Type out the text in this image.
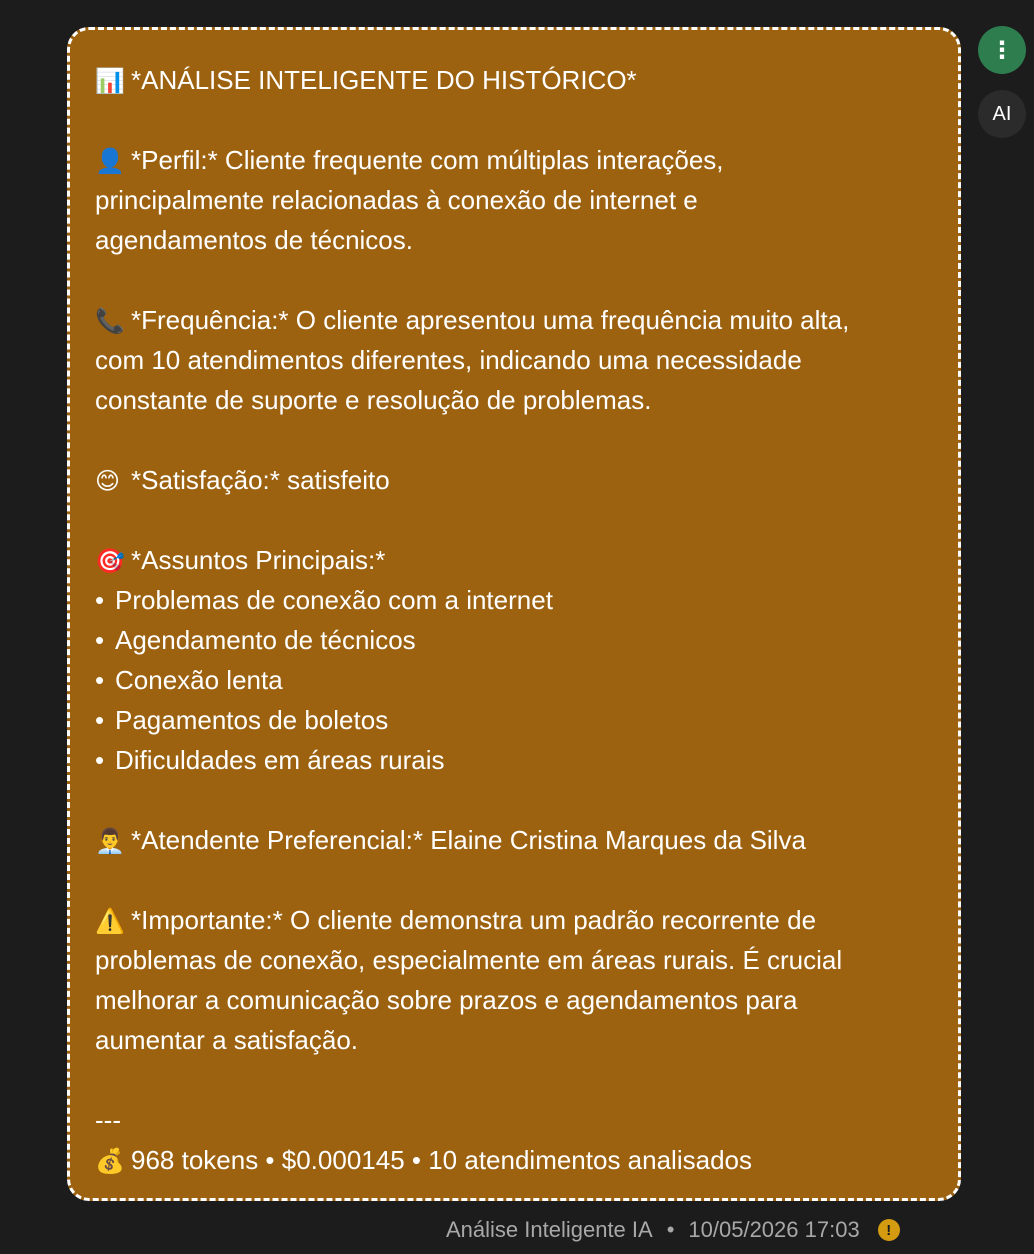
📊 *ANÁLISE INTELIGENTE DO HISTÓRICO*
👤 *Perfil:* Cliente frequente com múltiplas interações,
principalmente relacionadas à conexão de internet e
agendamentos de técnicos.
📞 *Frequência:* O cliente apresentou uma frequência muito alta,
com 10 atendimentos diferentes, indicando uma necessidade
constante de suporte e resolução de problemas.
😊 *Satisfação:* satisfeito
🎯 *Assuntos Principais:*
• Problemas de conexão com a internet
• Agendamento de técnicos
• Conexão lenta
• Pagamentos de boletos
• Dificuldades em áreas rurais
👨‍💼 *Atendente Preferencial:* Elaine Cristina Marques da Silva
⚠️ *Importante:* O cliente demonstra um padrão recorrente de
problemas de conexão, especialmente em áreas rurais. É crucial
melhorar a comunicação sobre prazos e agendamentos para
aumentar a satisfação.
---
💰 968 tokens • $0.000145 • 10 atendimentos analisados
⋮
AI
Análise Inteligente IA • 10/05/2026 17:03	!
